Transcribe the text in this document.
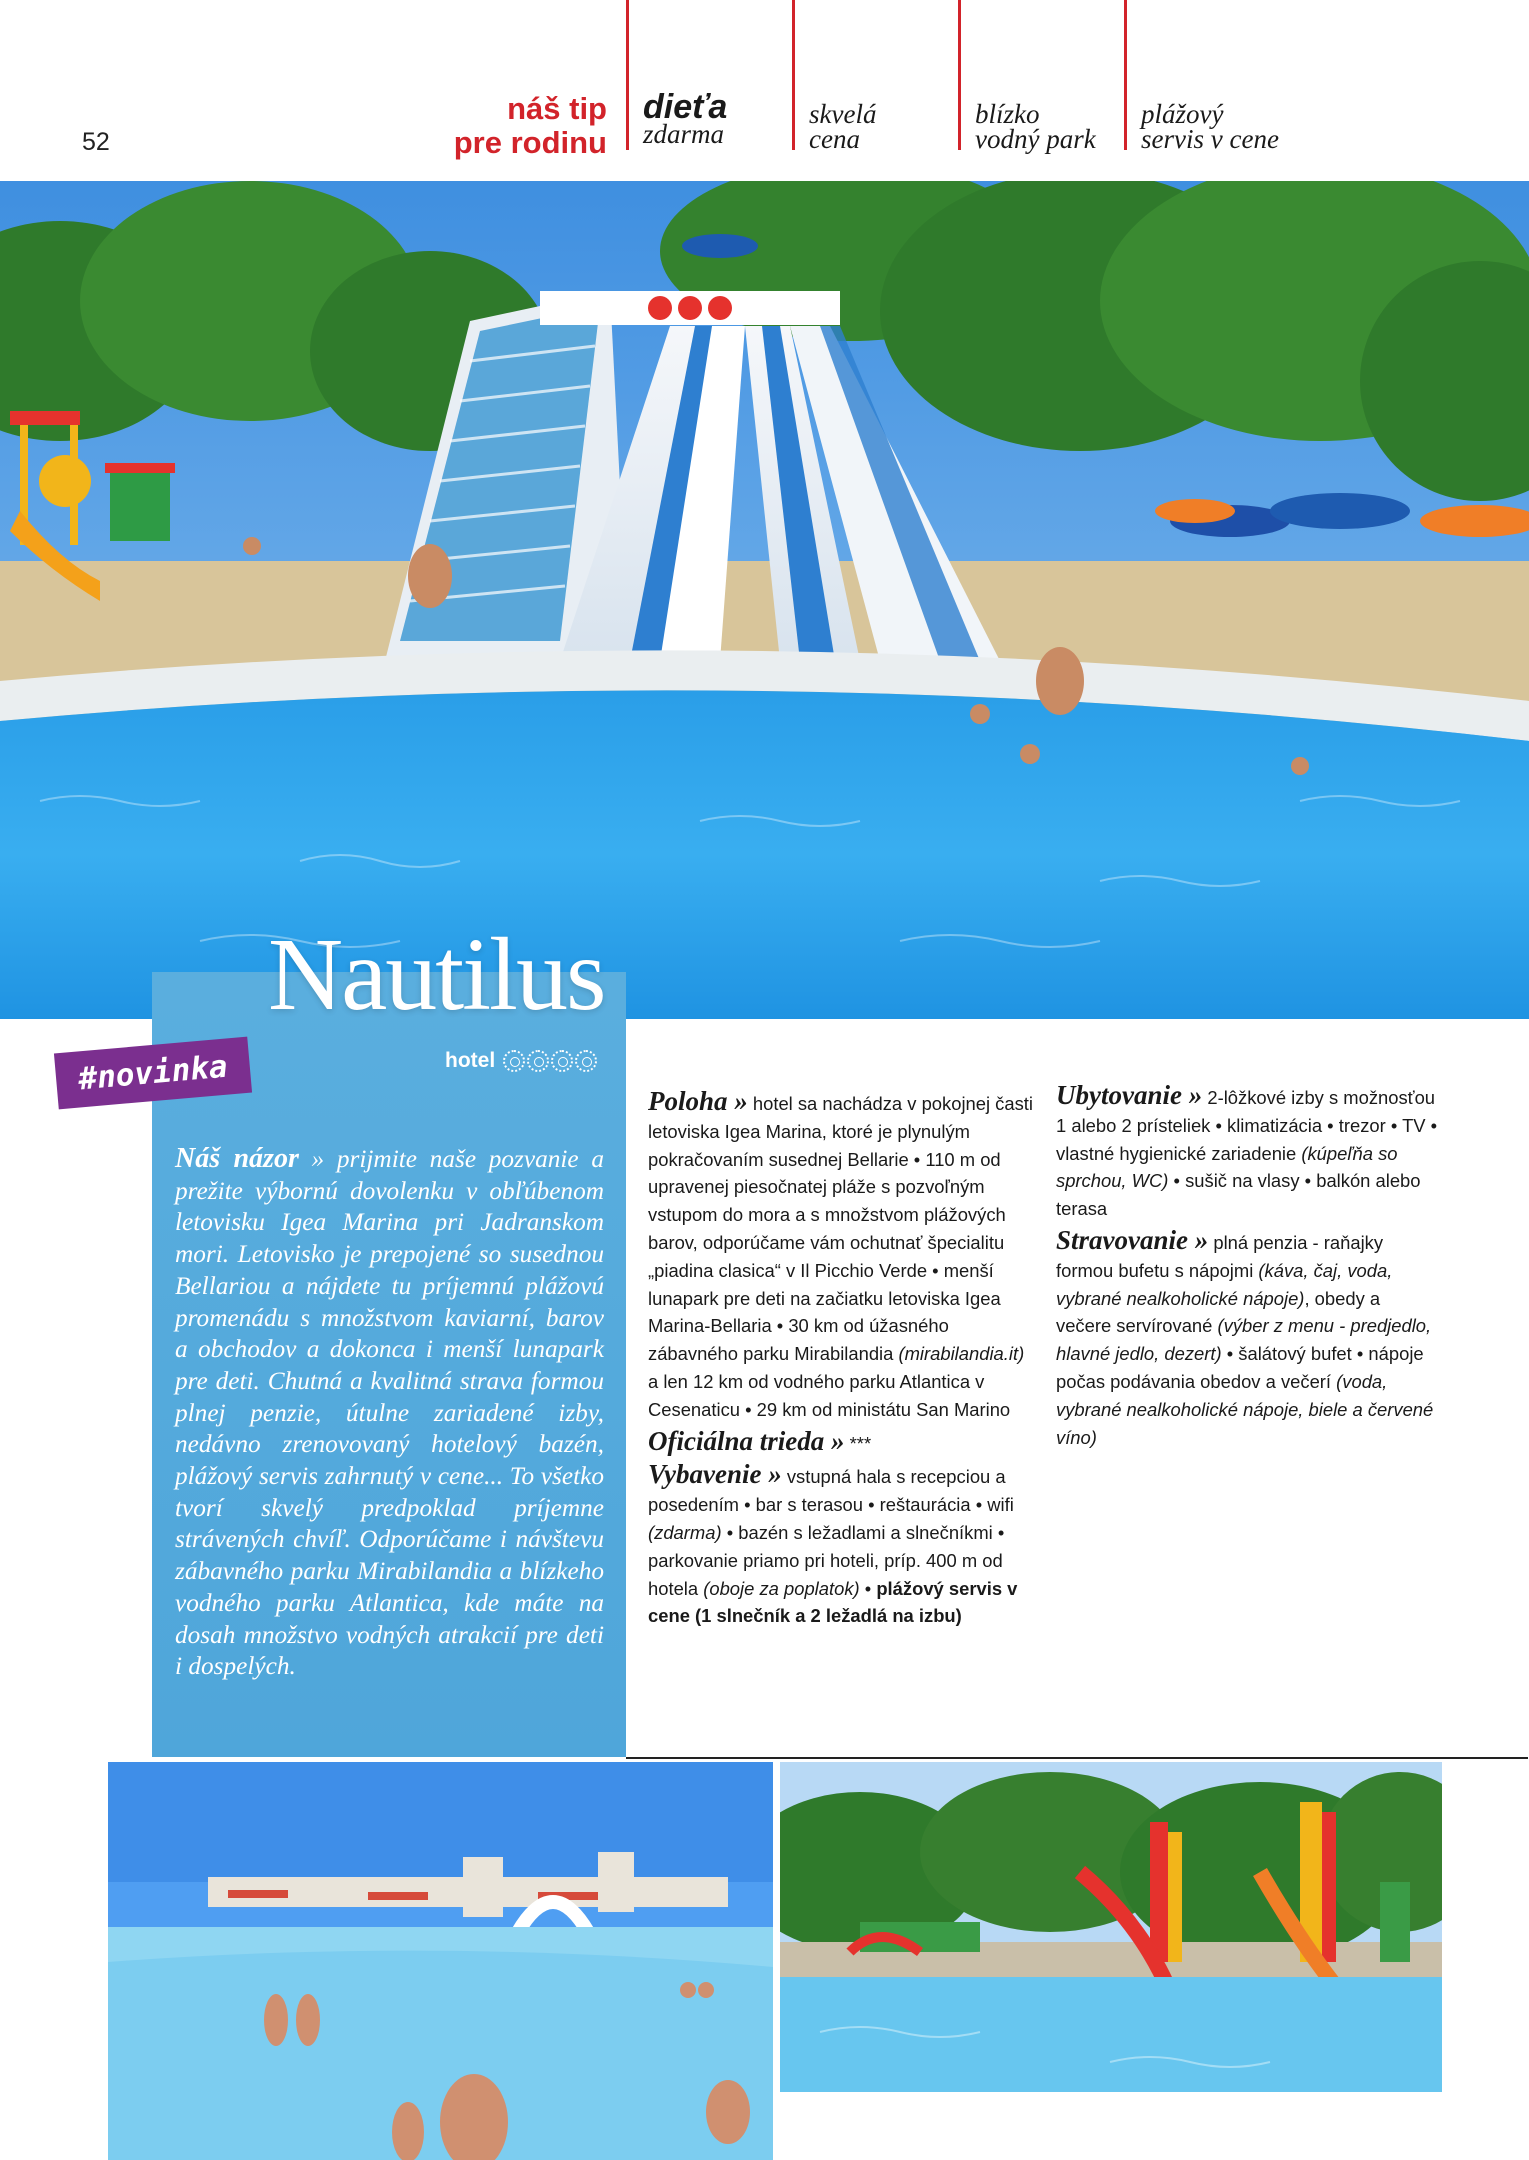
52
náš tip
pre rodinu
dieťa
zdarma
skvelá
cena
blízko
vodný park
plážový
servis v cene
Nautilus
hotel
#novinka
Náš názor » prijmite naše pozvanie a prežite výbornú dovolenku v obľúbenom letovisku Igea Marina pri Jadranskom mori. Letovisko je prepojené so susednou Bellariou a nájdete tu príjemnú plážovú promenádu s množstvom kaviarní, barov a obchodov a dokonca i menší lunapark pre deti. Chutná a kvalitná strava formou plnej penzie, útulne zariadené izby, nedávno zrenovovaný hotelový bazén, plážový servis zahrnutý v cene... To všetko tvorí skvelý predpoklad príjemne strávených chvíľ. Odporúčame i návštevu zábavného parku Mirabilandia a blízkeho vodného parku Atlantica, kde máte na dosah množstvo vodných atrakcií pre deti i dospelých.

Poloha » hotel sa nachádza v pokojnej časti letoviska Igea Marina, ktoré je plynulým pokračovaním susednej Bellarie • 110 m od upravenej piesočnatej pláže s pozvoľným vstupom do mora a s množstvom plážových barov, odporúčame vám ochutnať špecialitu „piadina clasica“ v Il Picchio Verde • menší lunapark pre deti na začiatku letoviska Igea Marina-Bellaria • 30 km od úžasného zábavného parku Mirabilandia (mirabilandia.it) a len 12 km od vodného parku Atlantica v Cesenaticu • 29 km od ministátu San Marino

Oficiálna trieda » ***

Vybavenie » vstupná hala s recepciou a posedením • bar s terasou • reštaurácia • wifi (zdarma) • bazén s ležadlami a slnečníkmi • parkovanie priamo pri hoteli, príp. 400 m od hotela (oboje za poplatok) • plážový servis v cene (1 slnečník a 2 ležadlá na izbu)

Ubytovanie » 2-lôžkové izby s možnosťou 1 alebo 2 prísteliek • klimatizácia • trezor • TV • vlastné hygienické zariadenie (kúpeľňa so sprchou, WC) • sušič na vlasy • balkón alebo terasa

Stravovanie » plná penzia - raňajky formou bufetu s nápojmi (káva, čaj, voda, vybrané nealkoholické nápoje), obedy a večere servírované (výber z menu - predjedlo, hlavné jedlo, dezert) • šalátový bufet • nápoje počas podávania obedov a večerí (voda, vybrané nealkoholické nápoje, biele a červené víno)
